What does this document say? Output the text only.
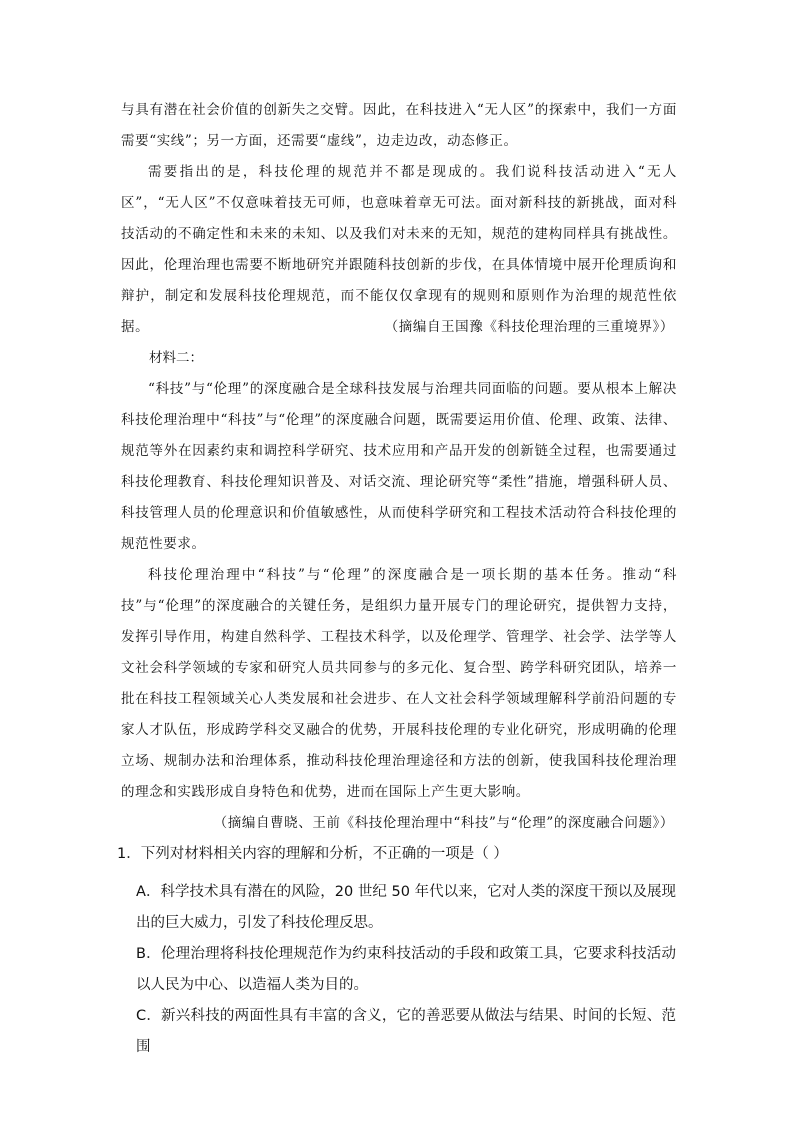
与具有潜在社会价值的创新失之交臂。因此，在科技进入“无人区”的探索中，我们一方面需要“实线”；另一方面，还需要“虚线”，边走边改，动态修正。

需要指出的是，科技伦理的规范并不都是现成的。我们说科技活动进入“无人区”，“无人区”不仅意味着技无可师，也意味着章无可法。面对新科技的新挑战，面对科技活动的不确定性和未来的未知、以及我们对未来的无知，规范的建构同样具有挑战性。因此，伦理治理也需要不断地研究并跟随科技创新的步伐，在具体情境中展开伦理质询和辩护，制定和发展科技伦理规范，而不能仅仅拿现有的规则和原则作为治理的规范性依据。	（摘编自王国豫《科技伦理治理的三重境界》）

材料二：

“科技”与“伦理”的深度融合是全球科技发展与治理共同面临的问题。要从根本上解决科技伦理治理中“科技”与“伦理”的深度融合问题，既需要运用价值、伦理、政策、法律、规范等外在因素约束和调控科学研究、技术应用和产品开发的创新链全过程，也需要通过科技伦理教育、科技伦理知识普及、对话交流、理论研究等“柔性”措施，增强科研人员、科技管理人员的伦理意识和价值敏感性，从而使科学研究和工程技术活动符合科技伦理的规范性要求。

科技伦理治理中“科技”与“伦理”的深度融合是一项长期的基本任务。推动“科技”与“伦理”的深度融合的关键任务，是组织力量开展专门的理论研究，提供智力支持，发挥引导作用，构建自然科学、工程技术科学，以及伦理学、管理学、社会学、法学等人文社会科学领域的专家和研究人员共同参与的多元化、复合型、跨学科研究团队，培养一批在科技工程领域关心人类发展和社会进步、在人文社会科学领域理解科学前沿问题的专家人才队伍，形成跨学科交叉融合的优势，开展科技伦理的专业化研究，形成明确的伦理立场、规制办法和治理体系，推动科技伦理治理途径和方法的创新，使我国科技伦理治理的理念和实践形成自身特色和优势，进而在国际上产生更大影响。

（摘编自曹晓、王前《科技伦理治理中“科技”与“伦理”的深度融合问题》）

1．下列对材料相关内容的理解和分析，不正确的一项是（ ）

A．科学技术具有潜在的风险，20 世纪 50 年代以来，它对人类的深度干预以及展现出的巨大威力，引发了科技伦理反思。

B．伦理治理将科技伦理规范作为约束科技活动的手段和政策工具，它要求科技活动以人民为中心、以造福人类为目的。

C．新兴科技的两面性具有丰富的含义，它的善恶要从做法与结果、时间的长短、范围
